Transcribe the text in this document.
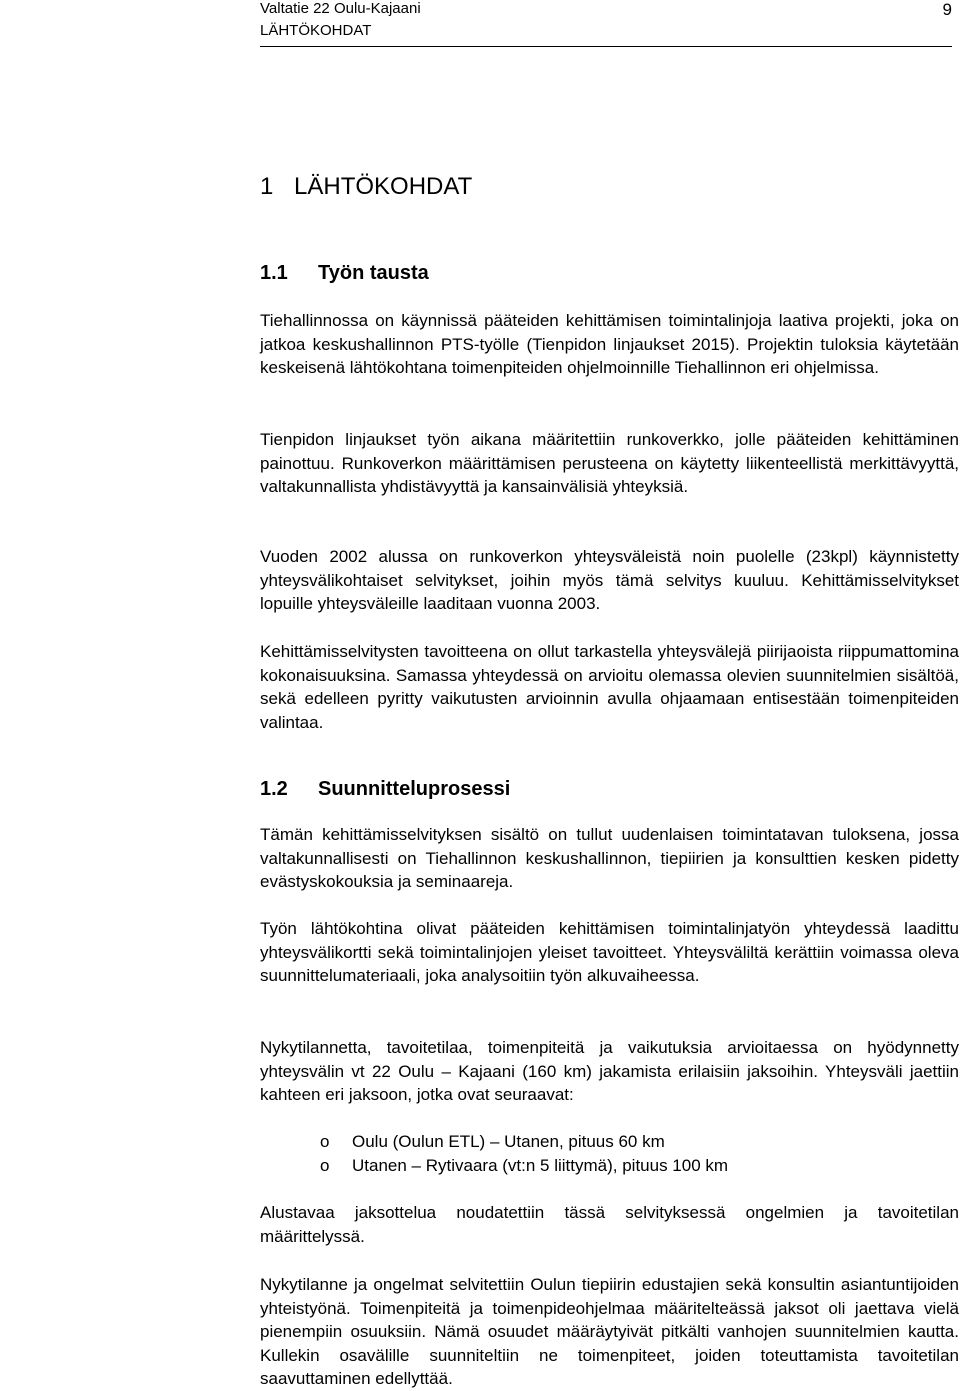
Valtatie 22 Oulu-Kajaani
LÄHTÖKOHDAT
9
1 LÄHTÖKOHDAT
1.1 Työn tausta

Tiehallinnossa on käynnissä pääteiden kehittämisen toimintalinjoja laativa projekti, joka on jatkoa keskushallinnon PTS-työlle (Tienpidon linjaukset 2015). Projektin tuloksia käytetään keskeisenä lähtökohtana toimenpiteiden ohjelmoinnille Tiehallinnon eri ohjelmissa.

Tienpidon linjaukset työn aikana määritettiin runkoverkko, jolle pääteiden kehittäminen painottuu. Runkoverkon määrittämisen perusteena on käytetty liikenteellistä merkittävyyttä, valtakunnallista yhdistävyyttä ja kansainvälisiä yhteyksiä.

Vuoden 2002 alussa on runkoverkon yhteysväleistä noin puolelle (23kpl) käynnistetty yhteysvälikohtaiset selvitykset, joihin myös tämä selvitys kuuluu. Kehittämisselvitykset lopuille yhteysväleille laaditaan vuonna 2003.

Kehittämisselvitysten tavoitteena on ollut tarkastella yhteysvälejä piirijaoista riippumattomina kokonaisuuksina. Samassa yhteydessä on arvioitu olemassa olevien suunnitelmien sisältöä, sekä edelleen pyritty vaikutusten arvioinnin avulla ohjaamaan entisestään toimenpiteiden valintaa.

1.2 Suunnitteluprosessi

Tämän kehittämisselvityksen sisältö on tullut uudenlaisen toimintatavan tuloksena, jossa valtakunnallisesti on Tiehallinnon keskushallinnon, tiepiirien ja konsulttien kesken pidetty evästyskokouksia ja seminaareja.

Työn lähtökohtina olivat pääteiden kehittämisen toimintalinjatyön yhteydessä laadittu yhteysvälikortti sekä toimintalinjojen yleiset tavoitteet. Yhteysväliltä kerättiin voimassa oleva suunnittelumateriaali, joka analysoitiin työn alkuvaiheessa.

Nykytilannetta, tavoitetilaa, toimenpiteitä ja vaikutuksia arvioitaessa on hyödynnetty yhteysvälin vt 22 Oulu – Kajaani (160 km) jakamista erilaisiin jaksoihin. Yhteysväli jaettiin kahteen eri jaksoon, jotka ovat seuraavat:

o Oulu (Oulun ETL) – Utanen, pituus 60 km
o Utanen – Rytivaara (vt:n 5 liittymä), pituus 100 km

Alustavaa jaksottelua noudatettiin tässä selvityksessä ongelmien ja tavoitetilan määrittelyssä.

Nykytilanne ja ongelmat selvitettiin Oulun tiepiirin edustajien sekä konsultin asiantuntijoiden yhteistyönä. Toimenpiteitä ja toimenpideohjelmaa määritelteässä jaksot oli jaettava vielä pienempiin osuuksiin. Nämä osuudet määräytyivät pitkälti vanhojen suunnitelmien kautta. Kullekin osavälille suunniteltiin ne toimenpiteet, joiden toteuttamista tavoitetilan saavuttaminen edellyttää.
